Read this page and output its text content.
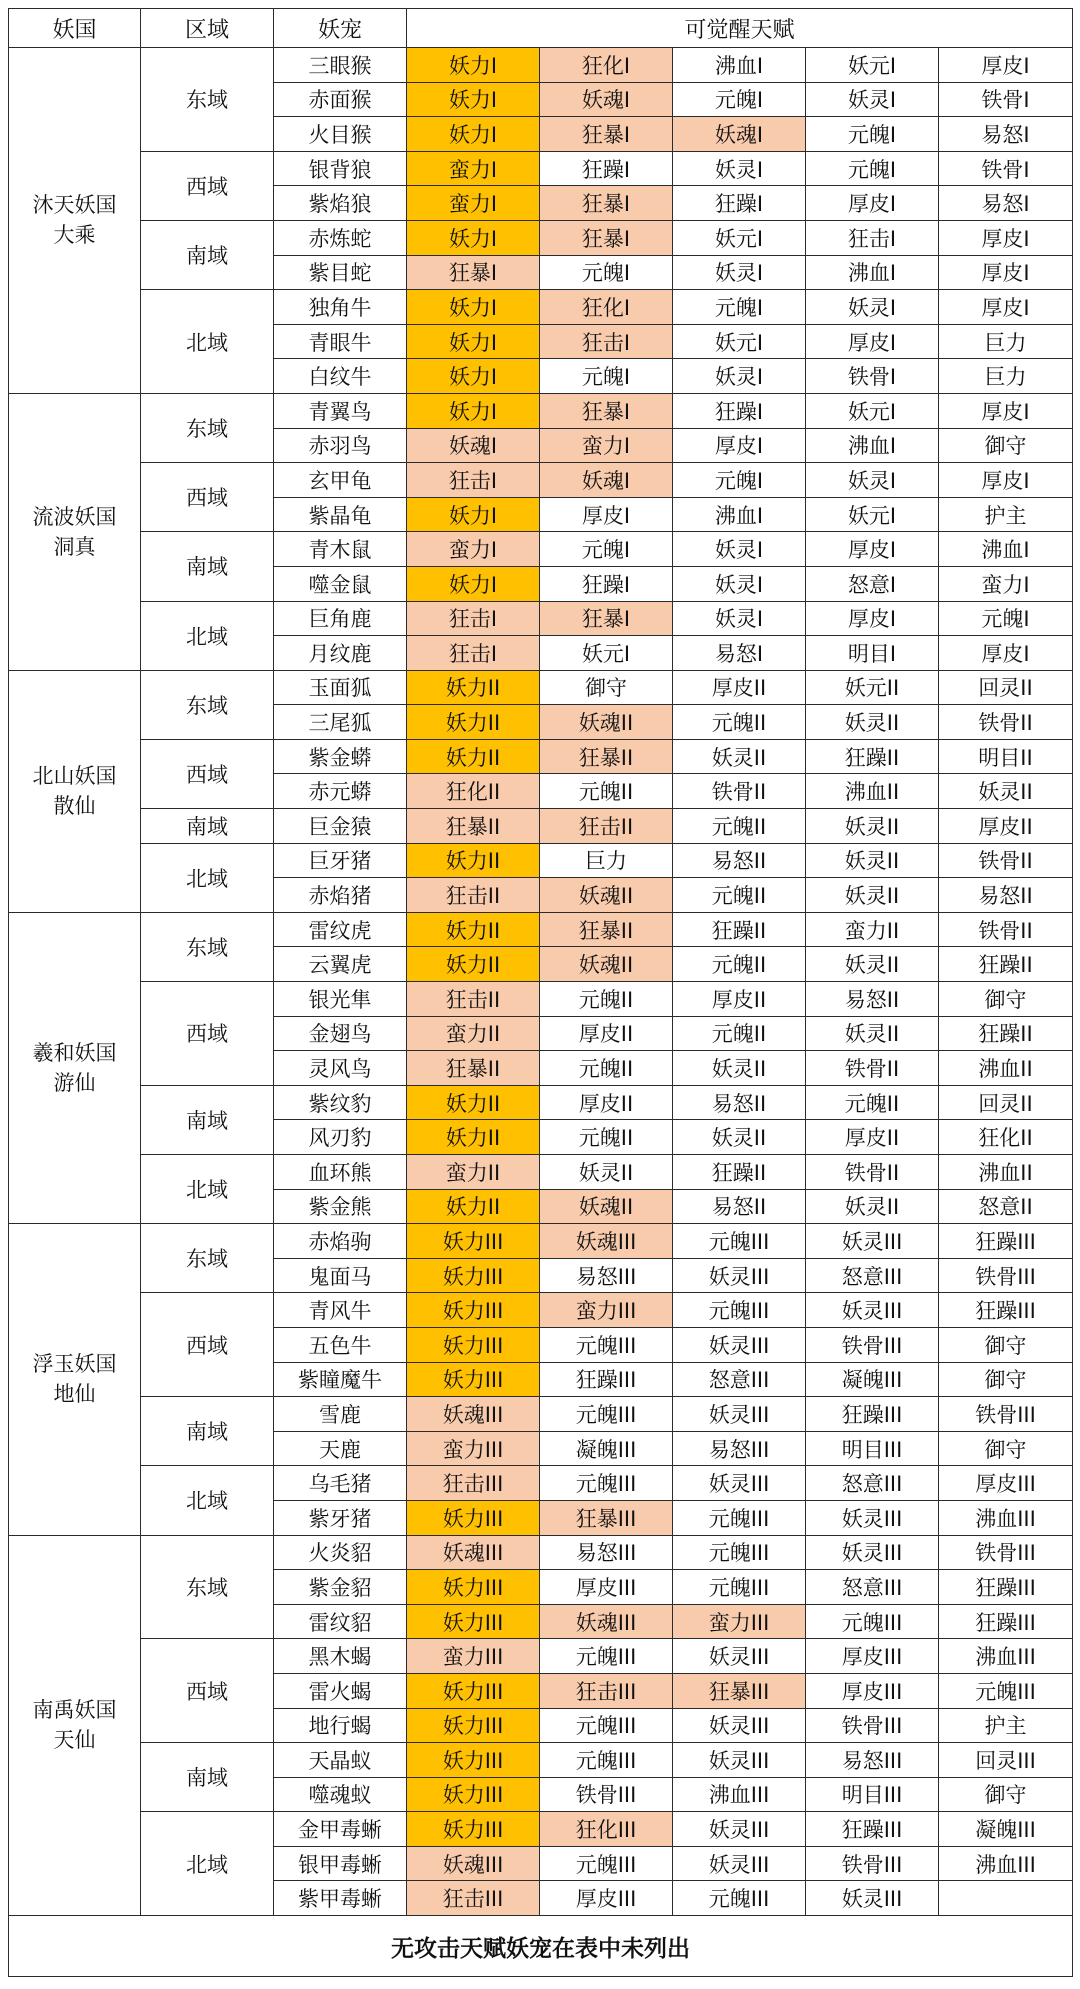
妖国	区域	妖宠	可觉醒天赋				

沐天妖国
大乘	东域	三眼猴	妖力I	狂化I	沸血I	妖元I	厚皮I
		赤面猴	妖力I	妖魂I	元魄I	妖灵I	铁骨I
		火目猴	妖力I	狂暴I	妖魂I	元魄I	易怒I
	西域	银背狼	蛮力I	狂躁I	妖灵I	元魄I	铁骨I
		紫焰狼	蛮力I	狂暴I	狂躁I	厚皮I	易怒I
	南域	赤炼蛇	妖力I	狂暴I	妖元I	狂击I	厚皮I
		紫目蛇	狂暴I	元魄I	妖灵I	沸血I	厚皮I
	北域	独角牛	妖力I	狂化I	元魄I	妖灵I	厚皮I
		青眼牛	妖力I	狂击I	妖元I	厚皮I	巨力
		白纹牛	妖力I	元魄I	妖灵I	铁骨I	巨力

流波妖国
洞真	东域	青翼鸟	妖力I	狂暴I	狂躁I	妖元I	厚皮I
		赤羽鸟	妖魂I	蛮力I	厚皮I	沸血I	御守
	西域	玄甲龟	狂击I	妖魂I	元魄I	妖灵I	厚皮I
		紫晶龟	妖力I	厚皮I	沸血I	妖元I	护主
	南域	青木鼠	蛮力I	元魄I	妖灵I	厚皮I	沸血I
		噬金鼠	妖力I	狂躁I	妖灵I	怒意I	蛮力I
	北域	巨角鹿	狂击I	狂暴I	妖灵I	厚皮I	元魄I
		月纹鹿	狂击I	妖元I	易怒I	明目I	厚皮I

北山妖国
散仙	东域	玉面狐	妖力II	御守	厚皮II	妖元II	回灵II
		三尾狐	妖力II	妖魂II	元魄II	妖灵II	铁骨II
	西域	紫金蟒	妖力II	狂暴II	妖灵II	狂躁II	明目II
		赤元蟒	狂化II	元魄II	铁骨II	沸血II	妖灵II
	南域	巨金猿	狂暴II	狂击II	元魄II	妖灵II	厚皮II
	北域	巨牙猪	妖力II	巨力	易怒II	妖灵II	铁骨II
		赤焰猪	狂击II	妖魂II	元魄II	妖灵II	易怒II

羲和妖国
游仙	东域	雷纹虎	妖力II	狂暴II	狂躁II	蛮力II	铁骨II
		云翼虎	妖力II	妖魂II	元魄II	妖灵II	狂躁II
	西域	银光隼	狂击II	元魄II	厚皮II	易怒II	御守
		金翅鸟	蛮力II	厚皮II	元魄II	妖灵II	狂躁II
		灵风鸟	狂暴II	元魄II	妖灵II	铁骨II	沸血II
	南域	紫纹豹	妖力II	厚皮II	易怒II	元魄II	回灵II
		风刃豹	妖力II	元魄II	妖灵II	厚皮II	狂化II
	北域	血环熊	蛮力II	妖灵II	狂躁II	铁骨II	沸血II
		紫金熊	妖力II	妖魂II	易怒II	妖灵II	怒意II

浮玉妖国
地仙	东域	赤焰驹	妖力III	妖魂III	元魄III	妖灵III	狂躁III
		鬼面马	妖力III	易怒III	妖灵III	怒意III	铁骨III
	西域	青风牛	妖力III	蛮力III	元魄III	妖灵III	狂躁III
		五色牛	妖力III	元魄III	妖灵III	铁骨III	御守
		紫瞳魔牛	妖力III	狂躁III	怒意III	凝魄III	御守
	南域	雪鹿	妖魂III	元魄III	妖灵III	狂躁III	铁骨III
		天鹿	蛮力III	凝魄III	易怒III	明目III	御守
	北域	乌毛猪	狂击III	元魄III	妖灵III	怒意III	厚皮III
		紫牙猪	妖力III	狂暴III	元魄III	妖灵III	沸血III

南禹妖国
天仙	东域	火炎貂	妖魂III	易怒III	元魄III	妖灵III	铁骨III
		紫金貂	妖力III	厚皮III	元魄III	怒意III	狂躁III
		雷纹貂	妖力III	妖魂III	蛮力III	元魄III	狂躁III
	西域	黑木蝎	蛮力III	元魄III	妖灵III	厚皮III	沸血III
		雷火蝎	妖力III	狂击III	狂暴III	厚皮III	元魄III
		地行蝎	妖力III	元魄III	妖灵III	铁骨III	护主
	南域	天晶蚁	妖力III	元魄III	妖灵III	易怒III	回灵III
		噬魂蚁	妖力III	铁骨III	沸血III	明目III	御守
	北域	金甲毒蜥	妖力III	狂化III	妖灵III	狂躁III	凝魄III
		银甲毒蜥	妖魂III	元魄III	妖灵III	铁骨III	沸血III
		紫甲毒蜥	狂击III	厚皮III	元魄III	妖灵III	
无攻击天赋妖宠在表中未列出							
